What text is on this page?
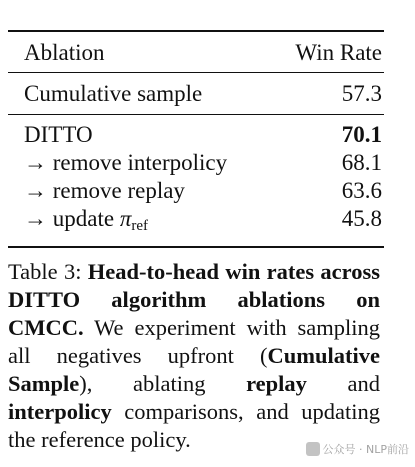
Ablation	Win Rate
Cumulative sample	57.3
DITTO	70.1
→ remove interpolicy	68.1
→ remove replay	63.6
→ update $\pi_{ref}$	45.8
Table 3: Head-to-head win rates across DITTO algorithm ablations on CMCC. We experiment with sampling all negatives upfront (Cumulative Sample), ablating replay and interpolicy comparisons, and updating the reference policy.	公众号 · NLP前沿
